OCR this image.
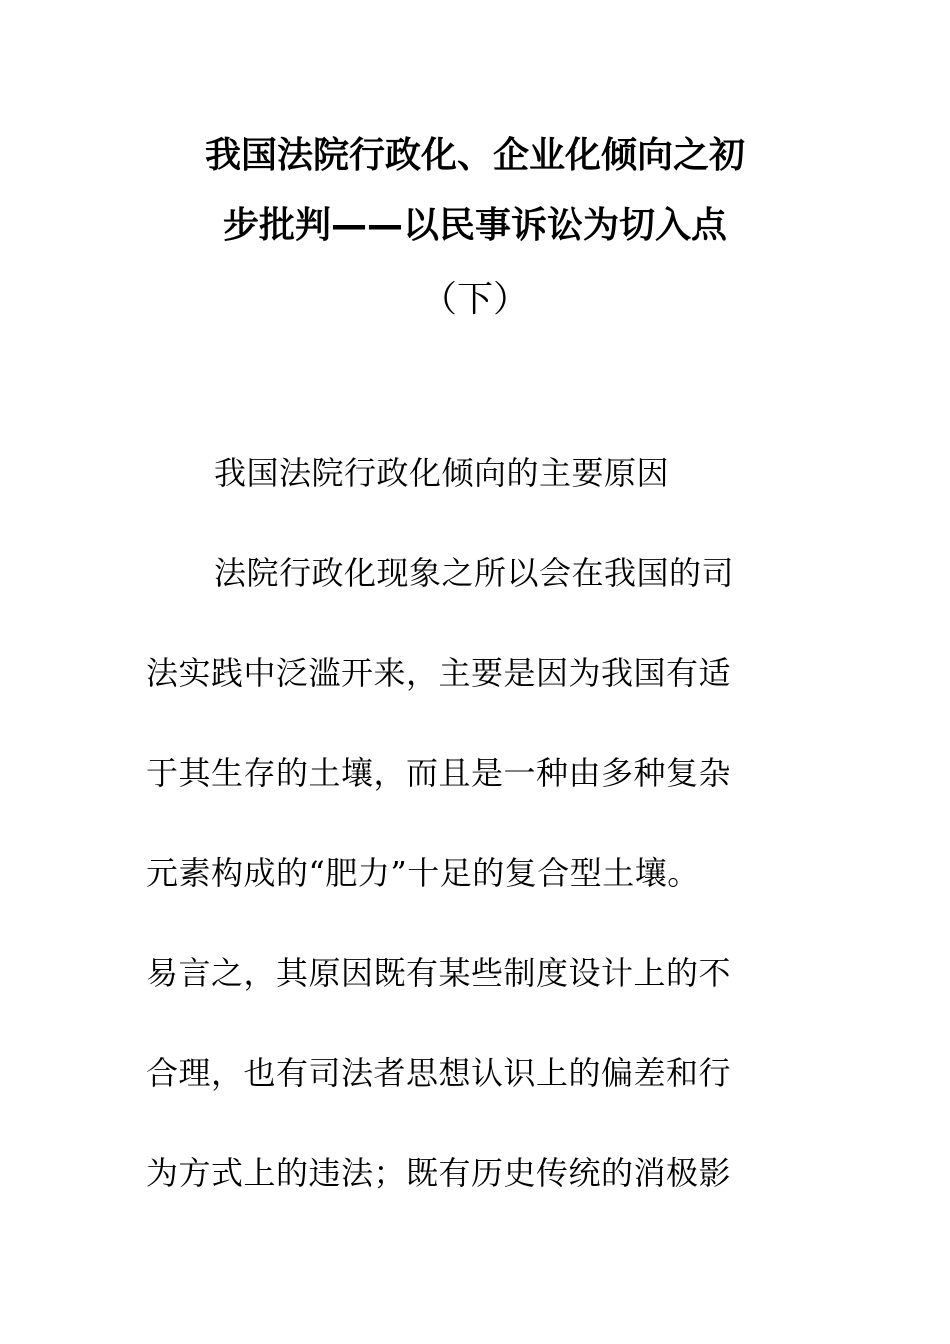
我国法院行政化、企业化倾向之初
步批判——以民事诉讼为切入点
（下）
我国法院行政化倾向的主要原因
法院行政化现象之所以会在我国的司
法实践中泛滥开来，主要是因为我国有适
于其生存的土壤，而且是一种由多种复杂
元素构成的“肥力”十足的复合型土壤。
易言之，其原因既有某些制度设计上的不
合理，也有司法者思想认识上的偏差和行
为方式上的违法；既有历史传统的消极影
